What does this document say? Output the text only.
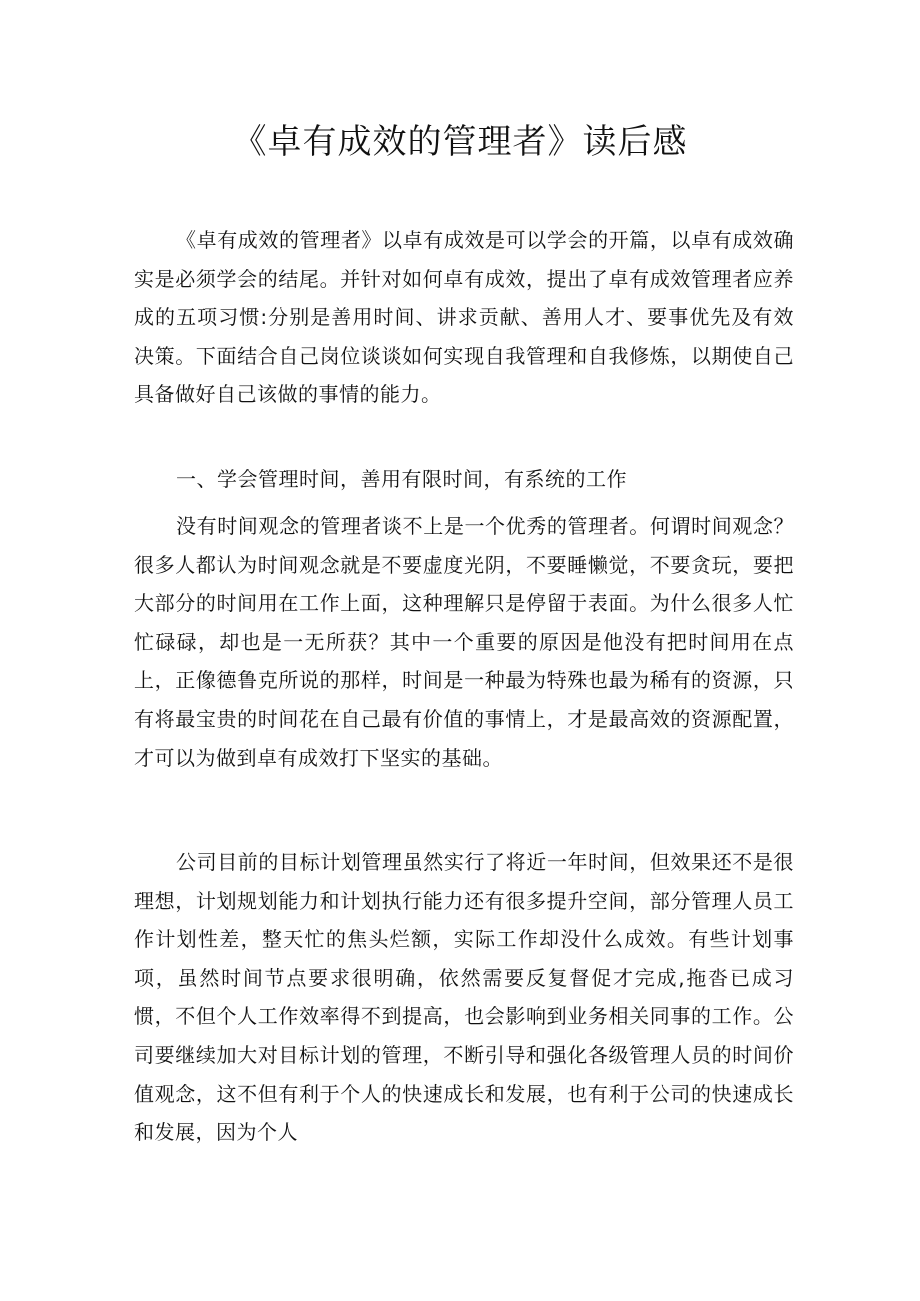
《卓有成效的管理者》读后感

《卓有成效的管理者》以卓有成效是可以学会的开篇，以卓有成效确实是必须学会的结尾。并针对如何卓有成效，提出了卓有成效管理者应养成的五项习惯:分别是善用时间、讲求贡献、善用人才、要事优先及有效决策。下面结合自己岗位谈谈如何实现自我管理和自我修炼，以期使自己具备做好自己该做的事情的能力。

一、学会管理时间，善用有限时间，有系统的工作

没有时间观念的管理者谈不上是一个优秀的管理者。何谓时间观念？很多人都认为时间观念就是不要虚度光阴，不要睡懒觉，不要贪玩，要把大部分的时间用在工作上面，这种理解只是停留于表面。为什么很多人忙忙碌碌，却也是一无所获？其中一个重要的原因是他没有把时间用在点上，正像德鲁克所说的那样，时间是一种最为特殊也最为稀有的资源，只有将最宝贵的时间花在自己最有价值的事情上，才是最高效的资源配置，才可以为做到卓有成效打下坚实的基础。

公司目前的目标计划管理虽然实行了将近一年时间，但效果还不是很理想，计划规划能力和计划执行能力还有很多提升空间，部分管理人员工作计划性差，整天忙的焦头烂额，实际工作却没什么成效。有些计划事项，虽然时间节点要求很明确，依然需要反复督促才完成,拖沓已成习惯，不但个人工作效率得不到提高，也会影响到业务相关同事的工作。公司要继续加大对目标计划的管理，不断引导和强化各级管理人员的时间价值观念，这不但有利于个人的快速成长和发展，也有利于公司的快速成长和发展，因为个人
